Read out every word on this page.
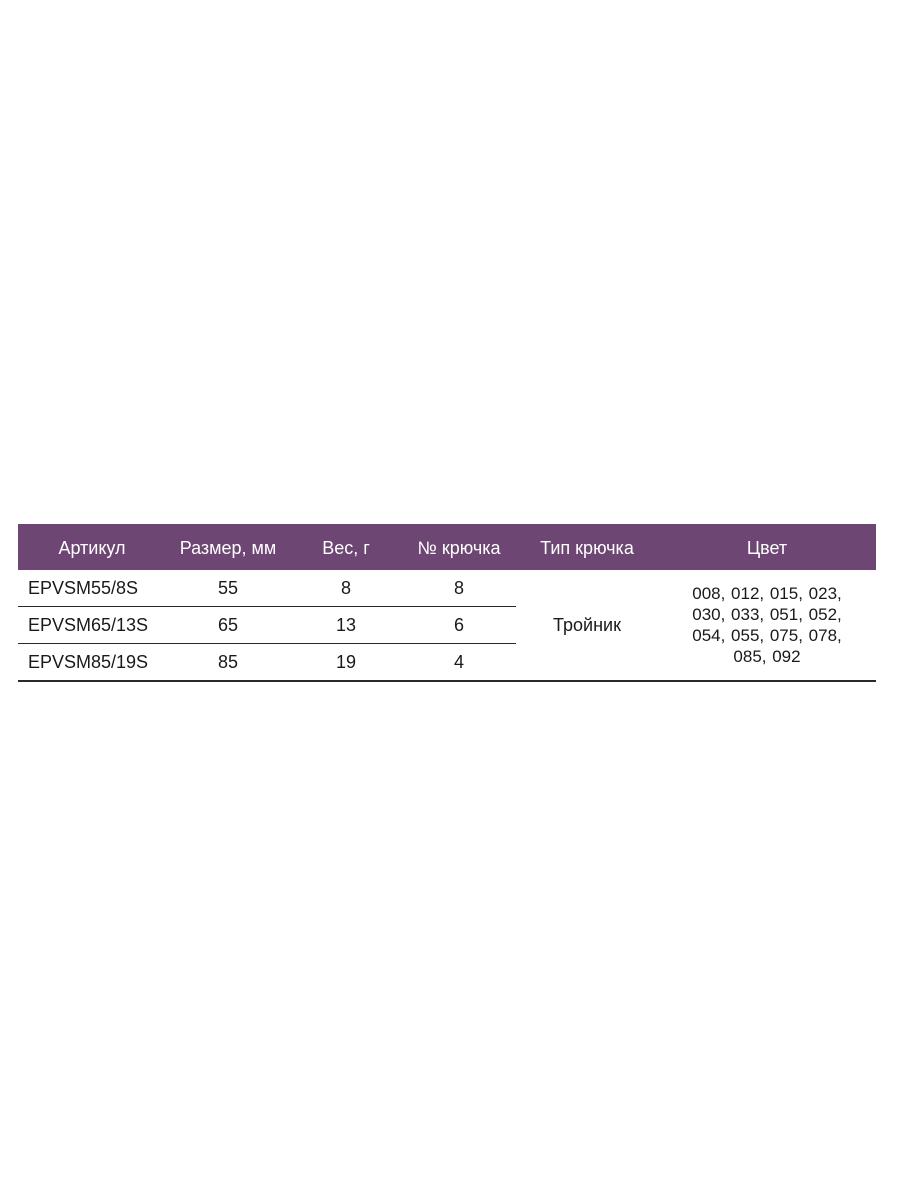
Артикул	Размер, мм	Вес, г	№ крючка	Тип крючка	Цвет
EPVSM55/8S	55	8	8	Тройник	008, 012, 015, 023, 030, 033, 051, 052, 054, 055, 075, 078, 085, 092
EPVSM65/13S	65	13	6		
EPVSM85/19S	85	19	4		
